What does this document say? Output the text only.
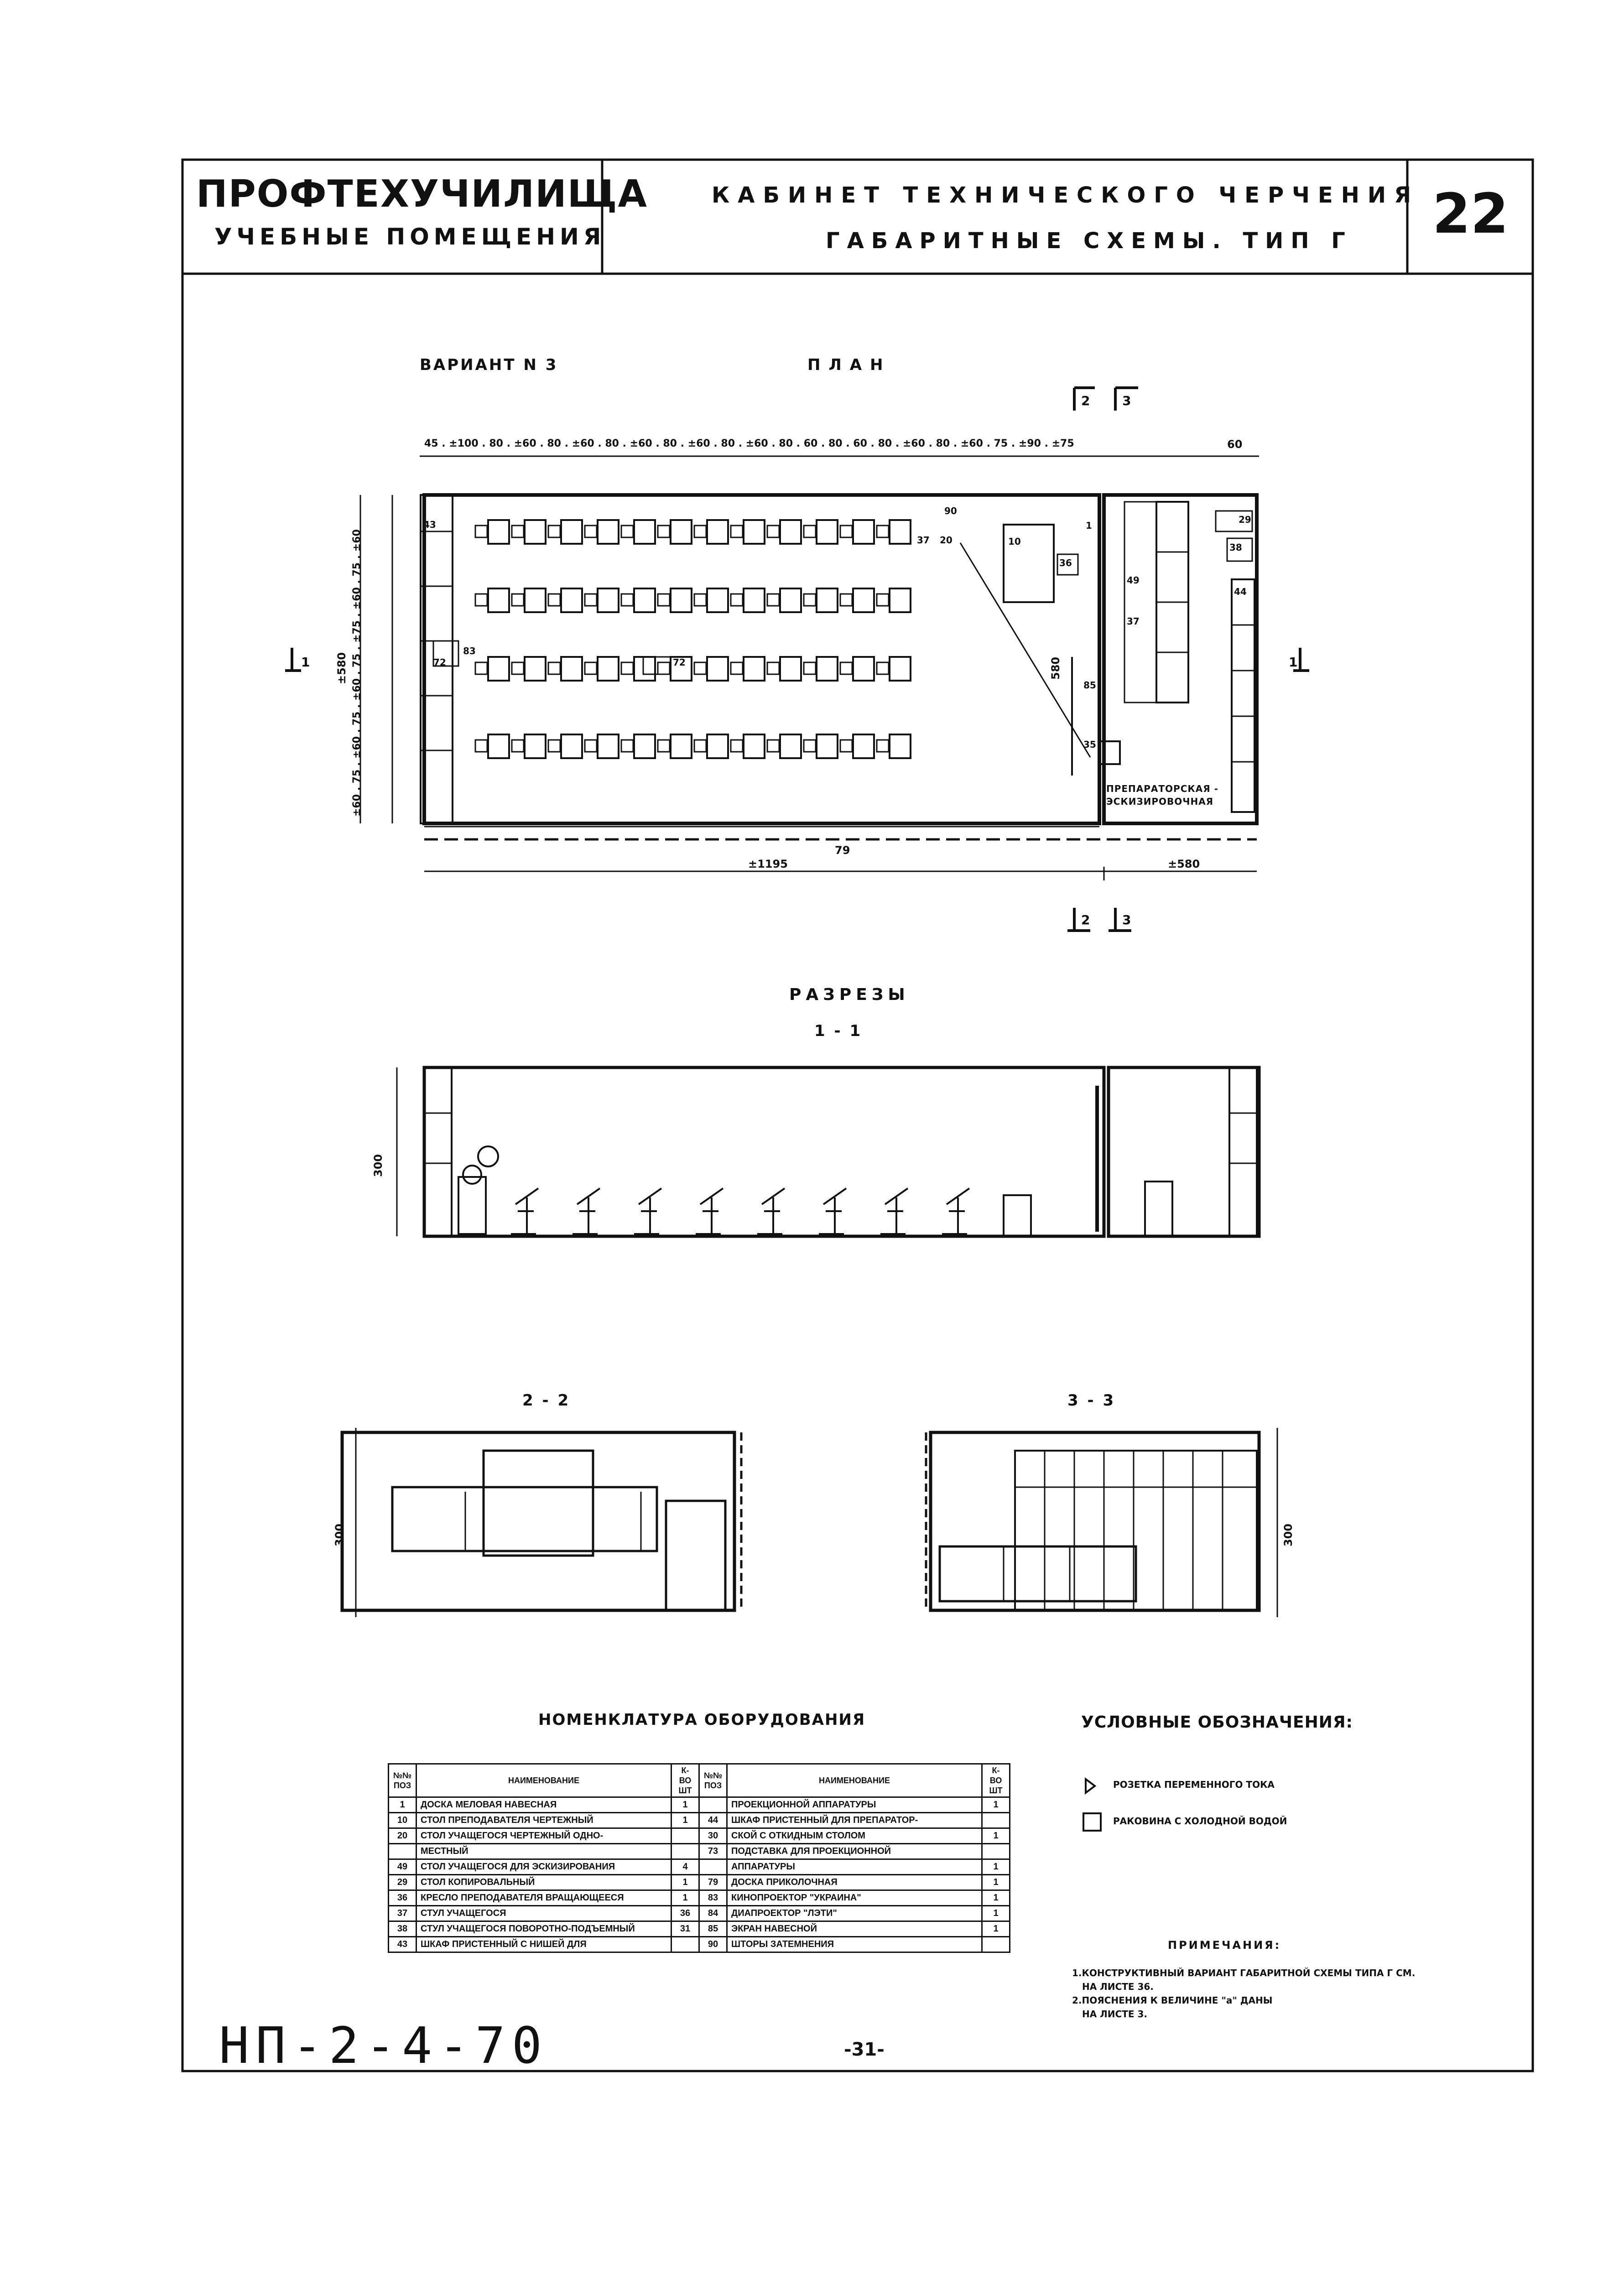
ПРОФТЕХУЧИЛИЩА
УЧЕБНЫЕ ПОМЕЩЕНИЯ
КАБИНЕТ ТЕХНИЧЕСКОГО ЧЕРЧЕНИЯ
ГАБАРИТНЫЕ СХЕМЫ. ТИП Г 22
ВАРИАНТ N 3	ПЛАН
45 . ±100 . 80 . ±60 . 80 . ±60 . 80 . ±60 . 80 . ±60 . 80 . ±60 . 80 . 60 . 80 . 60 . 80 . ±60 . 80 . ±60 . 75 . ±90 . ±75	60
±60 . 75 . ±60 . 75 . ±60 . 75 . ±75 . ±60 . 75 . ±60
±580
±1195	±580
79
580
ПРЕПАРАТОРСКАЯ - ЭСКИЗИРОВОЧНАЯ
1	1
2	3
2	3
43
37 20	10
36
29
38
44
49
37
83
72	72
90
85
1
35
РАЗРЕЗЫ
1 - 1
300
2 - 2
300
3 - 3
300
НОМЕНКЛАТУРА ОБОРУДОВАНИЯ
№№ ПОЗ	НАИМЕНОВАНИЕ	К-ВО ШТ	№№ ПОЗ	НАИМЕНОВАНИЕ	К-ВО ШТ
1	ДОСКА МЕЛОВАЯ НАВЕСНАЯ	1		ПРОЕКЦИОННОЙ АППАРАТУРЫ	1
10	СТОЛ ПРЕПОДАВАТЕЛЯ ЧЕРТЕЖНЫЙ	1	44	ШКАФ ПРИСТЕННЫЙ ДЛЯ ПРЕПАРАТОР-	
20	СТОЛ УЧАЩЕГОСЯ ЧЕРТЕЖНЫЙ ОДНО-		30	СКОЙ С ОТКИДНЫМ СТОЛОМ	1
	МЕСТНЫЙ		73	ПОДСТАВКА ДЛЯ ПРОЕКЦИОННОЙ	
49	СТОЛ УЧАЩЕГОСЯ ДЛЯ ЭСКИЗИРОВАНИЯ	4		АППАРАТУРЫ	1
29	СТОЛ КОПИРОВАЛЬНЫЙ	1	79	ДОСКА ПРИКОЛОЧНАЯ	1
36	КРЕСЛО ПРЕПОДАВАТЕЛЯ ВРАЩАЮЩЕЕСЯ	1	83	КИНОПРОЕКТОР "УКРАИНА"	1
37	СТУЛ УЧАЩЕГОСЯ	36	84	ДИАПРОЕКТОР "ЛЭТИ"	1
38	СТУЛ УЧАЩЕГОСЯ ПОВОРОТНО-ПОДЪЕМНЫЙ	31	85	ЭКРАН НАВЕСНОЙ	1
43	ШКАФ ПРИСТЕННЫЙ С НИШЕЙ ДЛЯ		90	ШТОРЫ ЗАТЕМНЕНИЯ	
УСЛОВНЫЕ ОБОЗНАЧЕНИЯ:
РОЗЕТКА ПЕРЕМЕННОГО ТОКА
РАКОВИНА С ХОЛОДНОЙ ВОДОЙ
ПРИМЕЧАНИЯ:
1.КОНСТРУКТИВНЫЙ ВАРИАНТ ГАБАРИТНОЙ СХЕМЫ ТИПА Г СМ.
НА ЛИСТЕ 36.
2.ПОЯСНЕНИЯ К ВЕЛИЧИНЕ "а" ДАНЫ
НА ЛИСТЕ 3.
НП-2-4-70	-31-
